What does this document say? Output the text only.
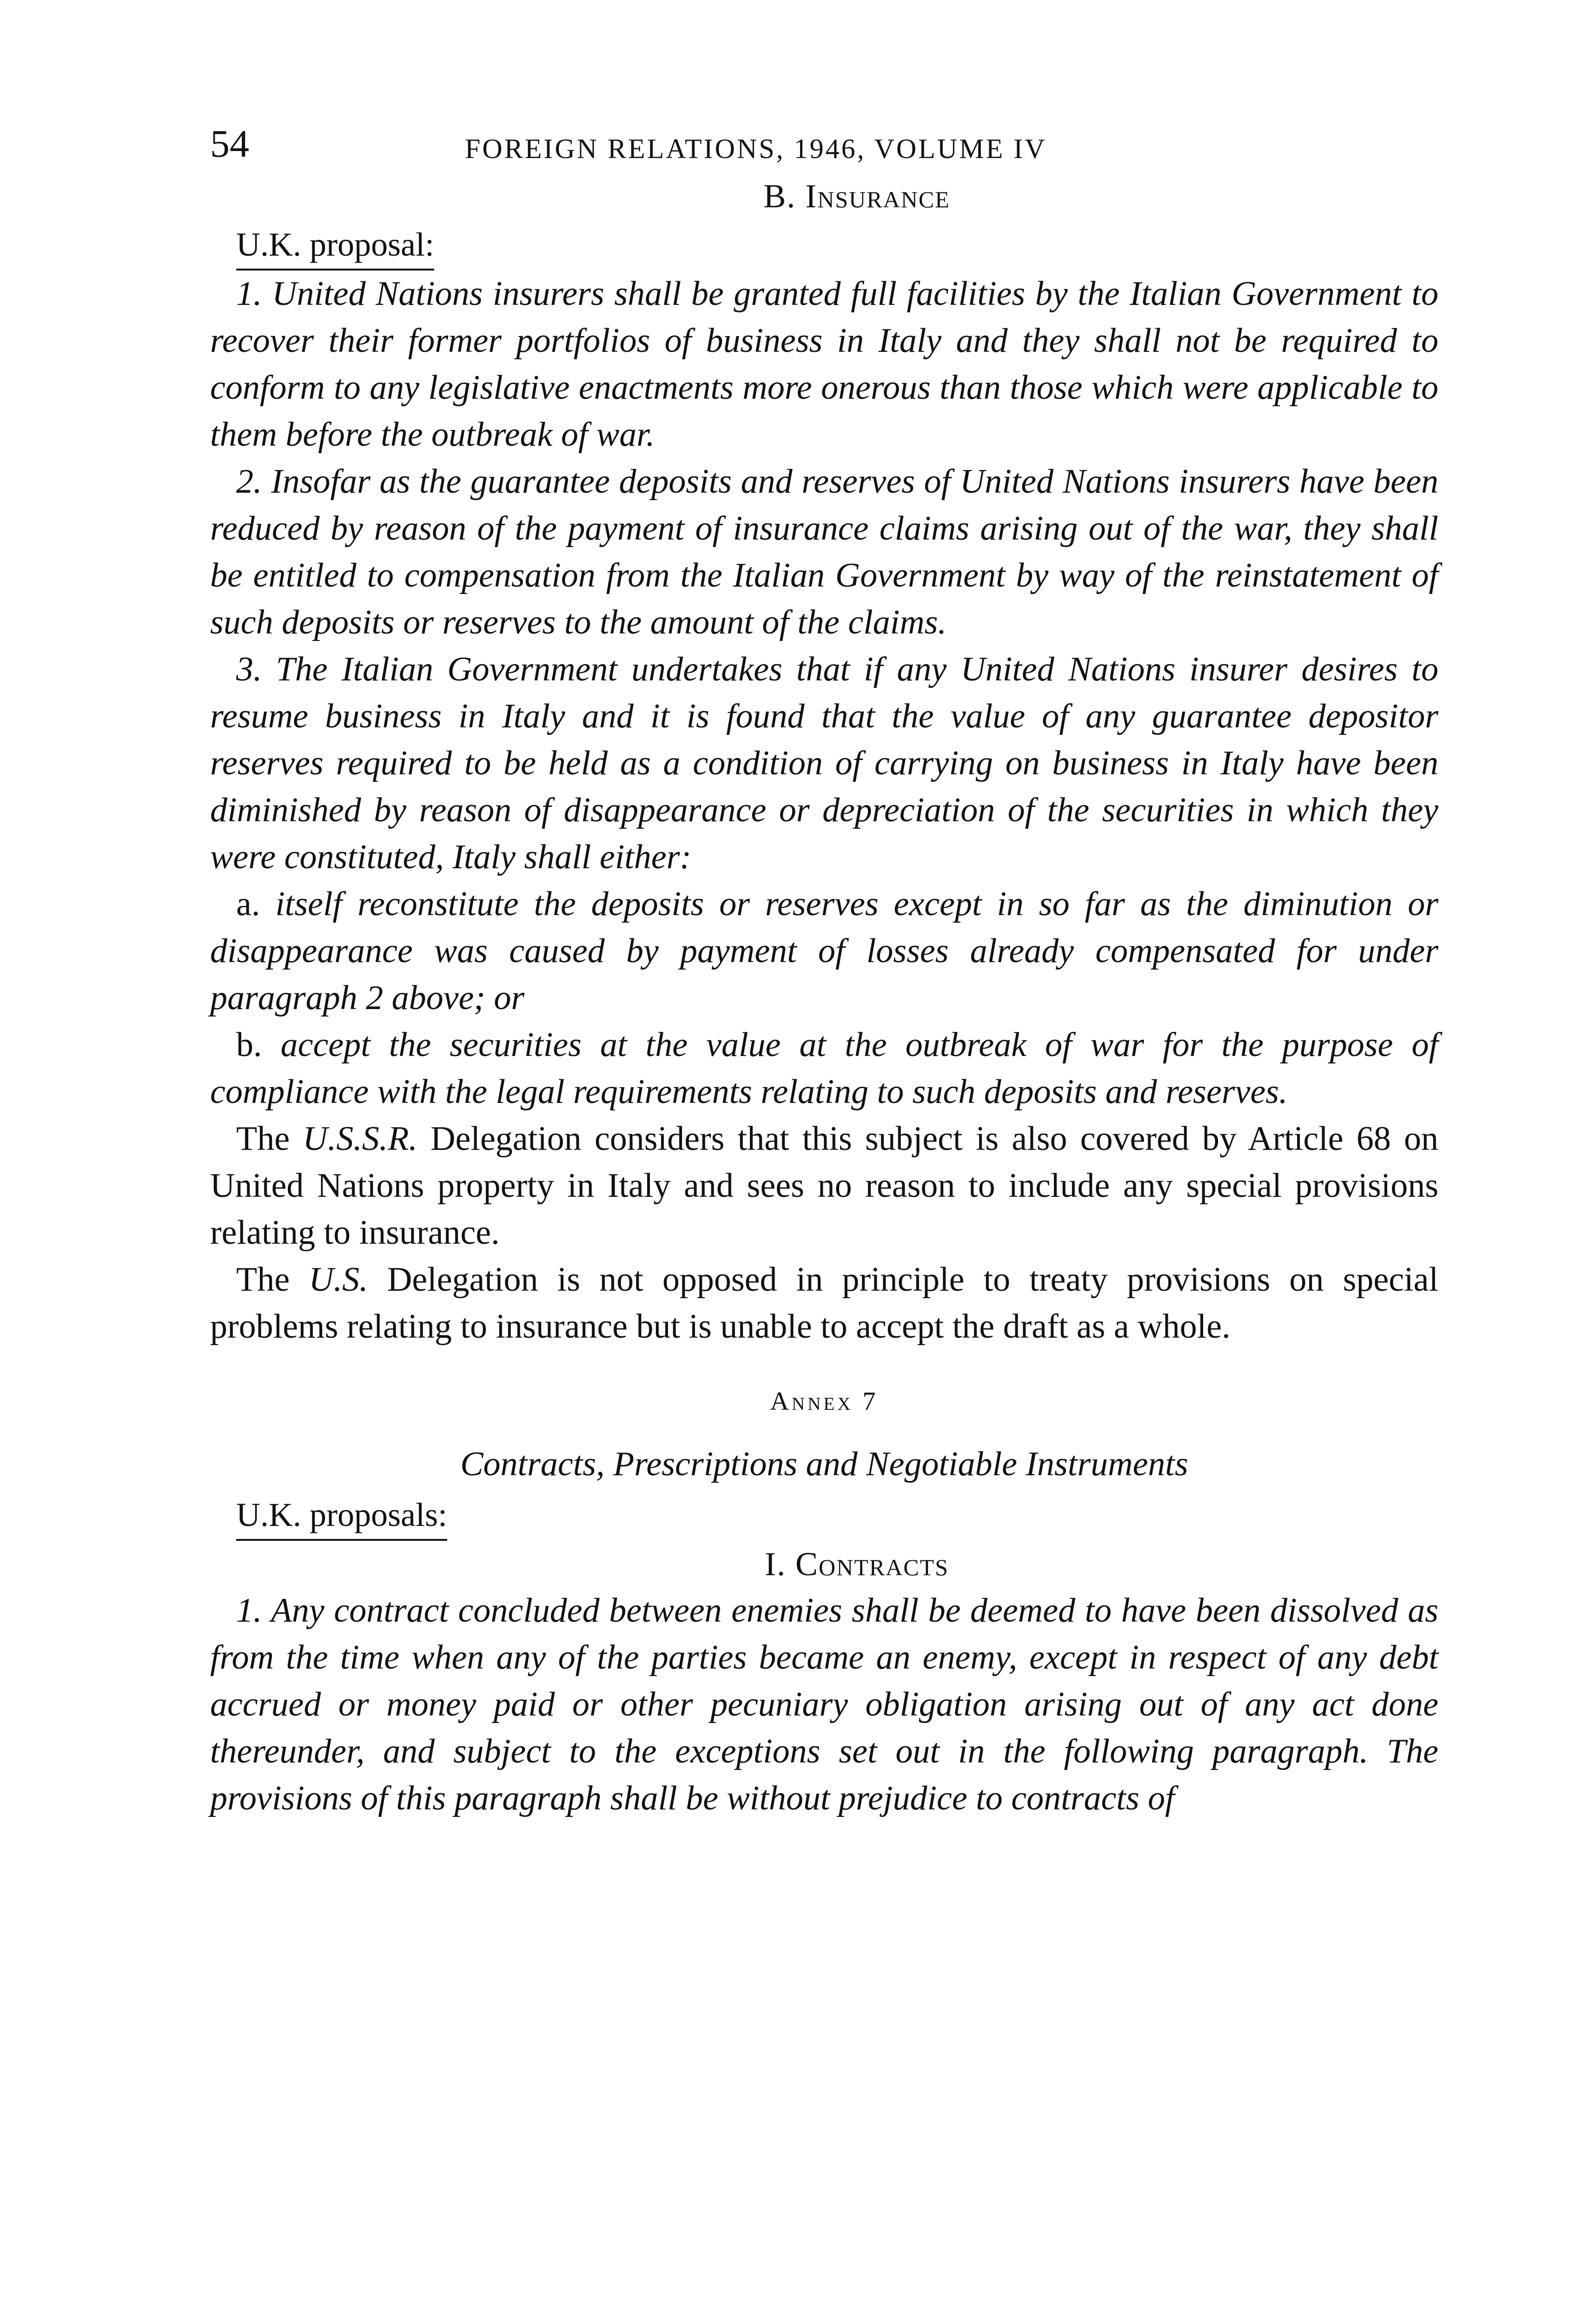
54	FOREIGN RELATIONS, 1946, VOLUME IV
B. Insurance
U.K. proposal:

1. United Nations insurers shall be granted full facilities by the Italian Government to recover their former portfolios of business in Italy and they shall not be required to conform to any legislative enactments more onerous than those which were applicable to them before the outbreak of war.

2. Insofar as the guarantee deposits and reserves of United Nations insurers have been reduced by reason of the payment of insurance claims arising out of the war, they shall be entitled to compensation from the Italian Government by way of the reinstatement of such deposits or reserves to the amount of the claims.

3. The Italian Government undertakes that if any United Nations insurer desires to resume business in Italy and it is found that the value of any guarantee depositor reserves required to be held as a condition of carrying on business in Italy have been diminished by reason of disappearance or depreciation of the securities in which they were constituted, Italy shall either:

a. itself reconstitute the deposits or reserves except in so far as the diminution or disappearance was caused by payment of losses already compensated for under paragraph 2 above; or

b. accept the securities at the value at the outbreak of war for the purpose of compliance with the legal requirements relating to such deposits and reserves.

The U.S.S.R. Delegation considers that this subject is also covered by Article 68 on United Nations property in Italy and sees no reason to include any special provisions relating to insurance.

The U.S. Delegation is not opposed in principle to treaty provisions on special problems relating to insurance but is unable to accept the draft as a whole.

Annex 7
Contracts, Prescriptions and Negotiable Instruments
U.K. proposals:
I. Contracts

1. Any contract concluded between enemies shall be deemed to have been dissolved as from the time when any of the parties became an enemy, except in respect of any debt accrued or money paid or other pecuniary obligation arising out of any act done thereunder, and subject to the exceptions set out in the following paragraph. The provisions of this paragraph shall be without prejudice to contracts of
